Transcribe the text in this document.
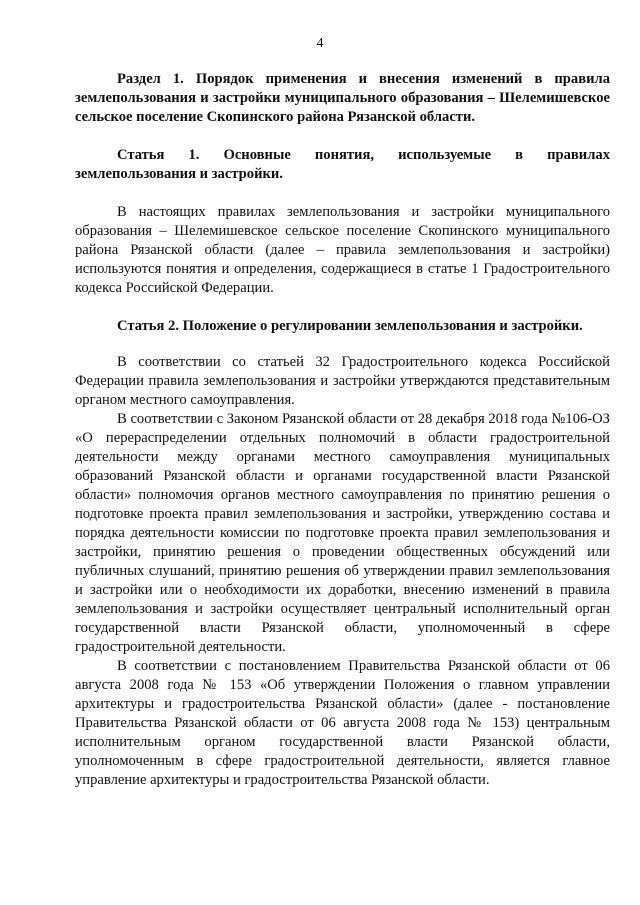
4

Раздел 1. Порядок применения и внесения изменений в правила землепользования и застройки муниципального образования – Шелемишевское сельское поселение Скопинского района Рязанской области.

Статья 1. Основные понятия, используемые в правилах землепользования и застройки.

В настоящих правилах землепользования и застройки муниципального образования – Шелемишевское сельское поселение Скопинского муниципального района Рязанской области (далее – правила землепользования и застройки) используются понятия и определения, содержащиеся в статье 1 Градостроительного кодекса Российской Федерации.

Статья 2. Положение о регулировании землепользования и застройки.

В соответствии со статьей 32 Градостроительного кодекса Российской Федерации правила землепользования и застройки утверждаются представительным органом местного самоуправления.

В соответствии с Законом Рязанской области от 28 декабря 2018 года №106-ОЗ «О перераспределении отдельных полномочий в области градостроительной деятельности между органами местного самоуправления муниципальных образований Рязанской области и органами государственной власти Рязанской области» полномочия органов местного самоуправления по принятию решения о подготовке проекта правил землепользования и застройки, утверждению состава и порядка деятельности комиссии по подготовке проекта правил землепользования и застройки, принятию решения о проведении общественных обсуждений или публичных слушаний, принятию решения об утверждении правил землепользования и застройки или о необходимости их доработки, внесению изменений в правила землепользования и застройки осуществляет центральный исполнительный орган государственной власти Рязанской области, уполномоченный в сфере градостроительной деятельности.

В соответствии с постановлением Правительства Рязанской области от 06 августа 2008 года № 153 «Об утверждении Положения о главном управлении архитектуры и градостроительства Рязанской области» (далее - постановление Правительства Рязанской области от 06 августа 2008 года № 153) центральным исполнительным органом государственной власти Рязанской области, уполномоченным в сфере градостроительной деятельности, является главное управление архитектуры и градостроительства Рязанской области.
